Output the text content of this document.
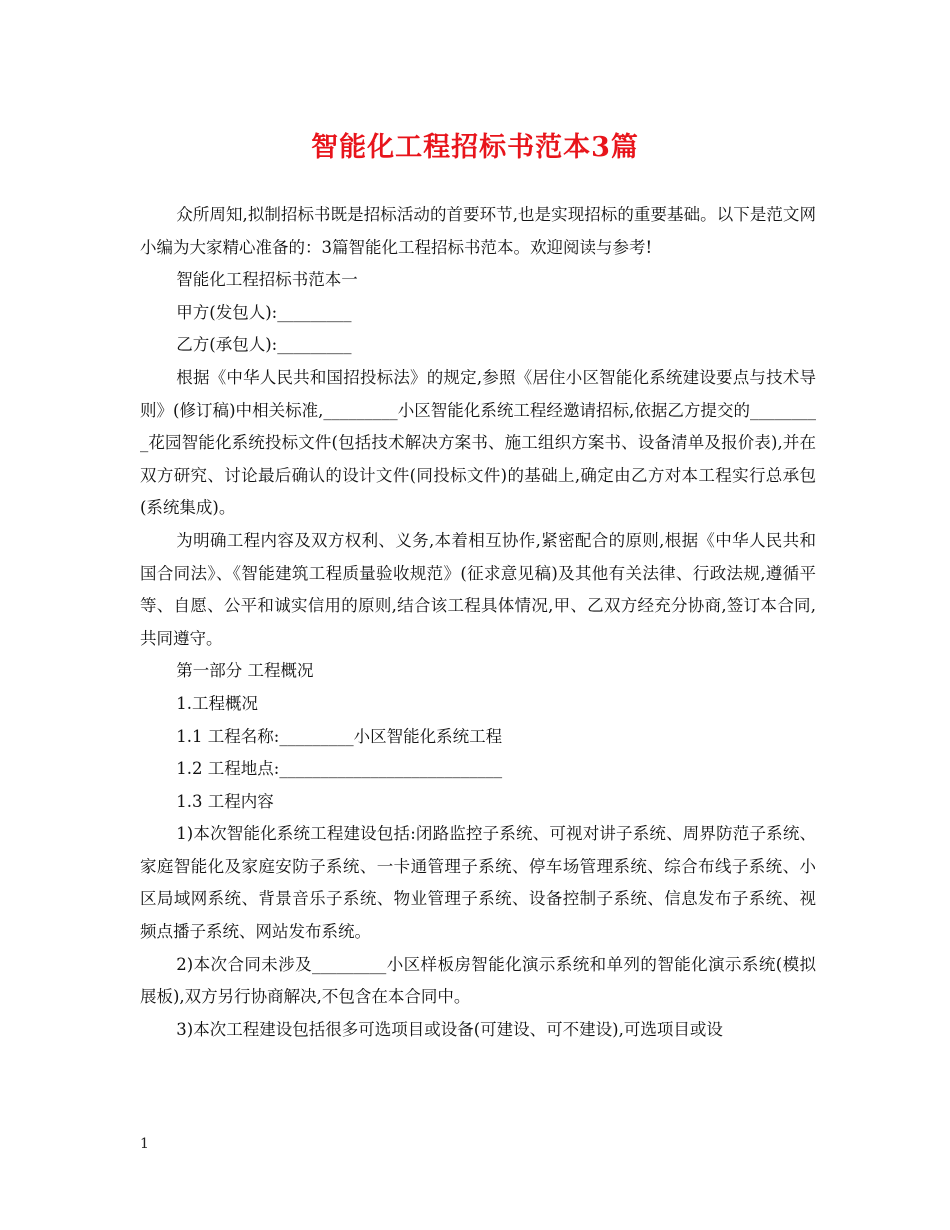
智能化工程招标书范本3篇

众所周知,拟制招标书既是招标活动的首要环节,也是实现招标的重要基础。以下是范文网小编为大家精心准备的：3篇智能化工程招标书范本。欢迎阅读与参考!

智能化工程招标书范本一

甲方(发包人):_________

乙方(承包人):_________

根据《中华人民共和国招投标法》的规定,参照《居住小区智能化系统建设要点与技术导则》(修订稿)中相关标准,_________小区智能化系统工程经邀请招标,依据乙方提交的_________花园智能化系统投标文件(包括技术解决方案书、施工组织方案书、设备清单及报价表),并在双方研究、讨论最后确认的设计文件(同投标文件)的基础上,确定由乙方对本工程实行总承包(系统集成)。

为明确工程内容及双方权利、义务,本着相互协作,紧密配合的原则,根据《中华人民共和国合同法》、《智能建筑工程质量验收规范》(征求意见稿)及其他有关法律、行政法规,遵循平等、自愿、公平和诚实信用的原则,结合该工程具体情况,甲、乙双方经充分协商,签订本合同,共同遵守。

第一部分 工程概况

1.工程概况

1.1 工程名称:_________小区智能化系统工程

1.2 工程地点:___________________________

1.3 工程内容

1)本次智能化系统工程建设包括:闭路监控子系统、可视对讲子系统、周界防范子系统、家庭智能化及家庭安防子系统、一卡通管理子系统、停车场管理系统、综合布线子系统、小区局域网系统、背景音乐子系统、物业管理子系统、设备控制子系统、信息发布子系统、视频点播子系统、网站发布系统。

2)本次合同未涉及_________小区样板房智能化演示系统和单列的智能化演示系统(模拟展板),双方另行协商解决,不包含在本合同中。

3)本次工程建设包括很多可选项目或设备(可建设、可不建设),可选项目或设

1
